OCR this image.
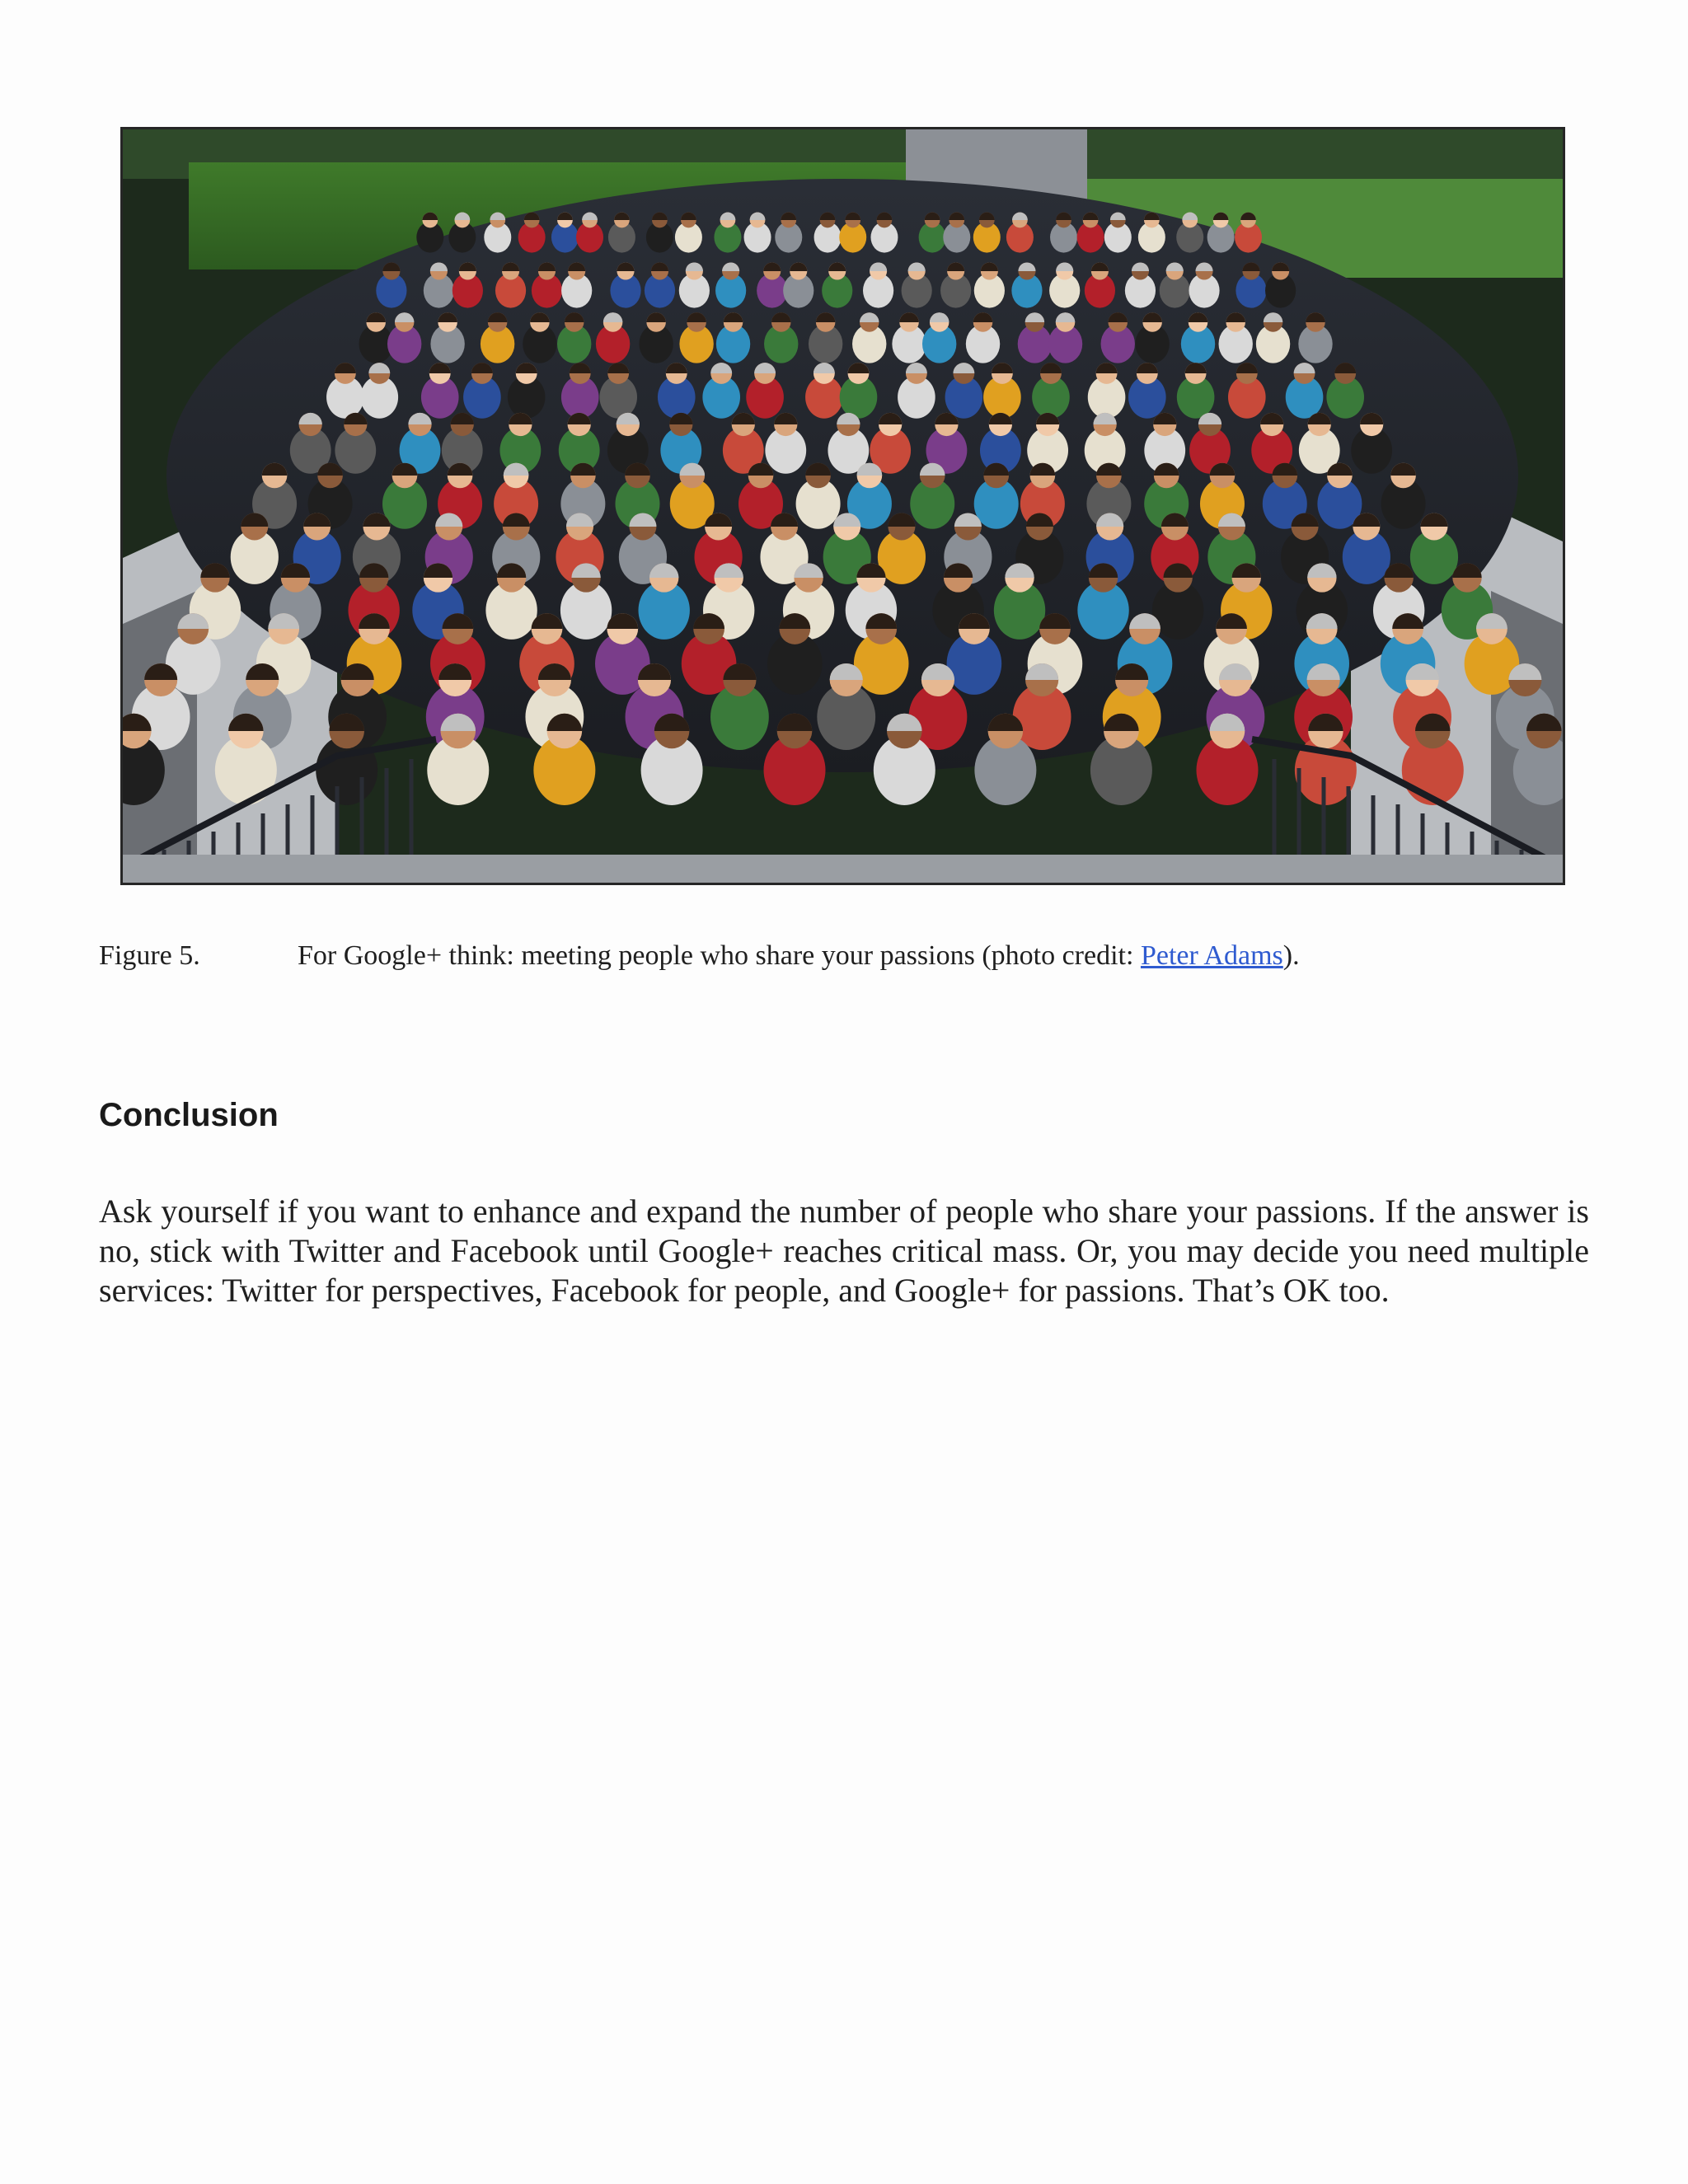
Figure 5.	For Google+ think: meeting people who share your passions (photo credit: Peter Adams).
Conclusion

Ask yourself if you want to enhance and expand the number of people who share your passions. If the answer is no, stick with Twitter and Facebook until Google+ reaches critical mass. Or, you may decide you need multiple services: Twitter for perspectives, Facebook for people, and Google+ for passions. That’s OK too.
